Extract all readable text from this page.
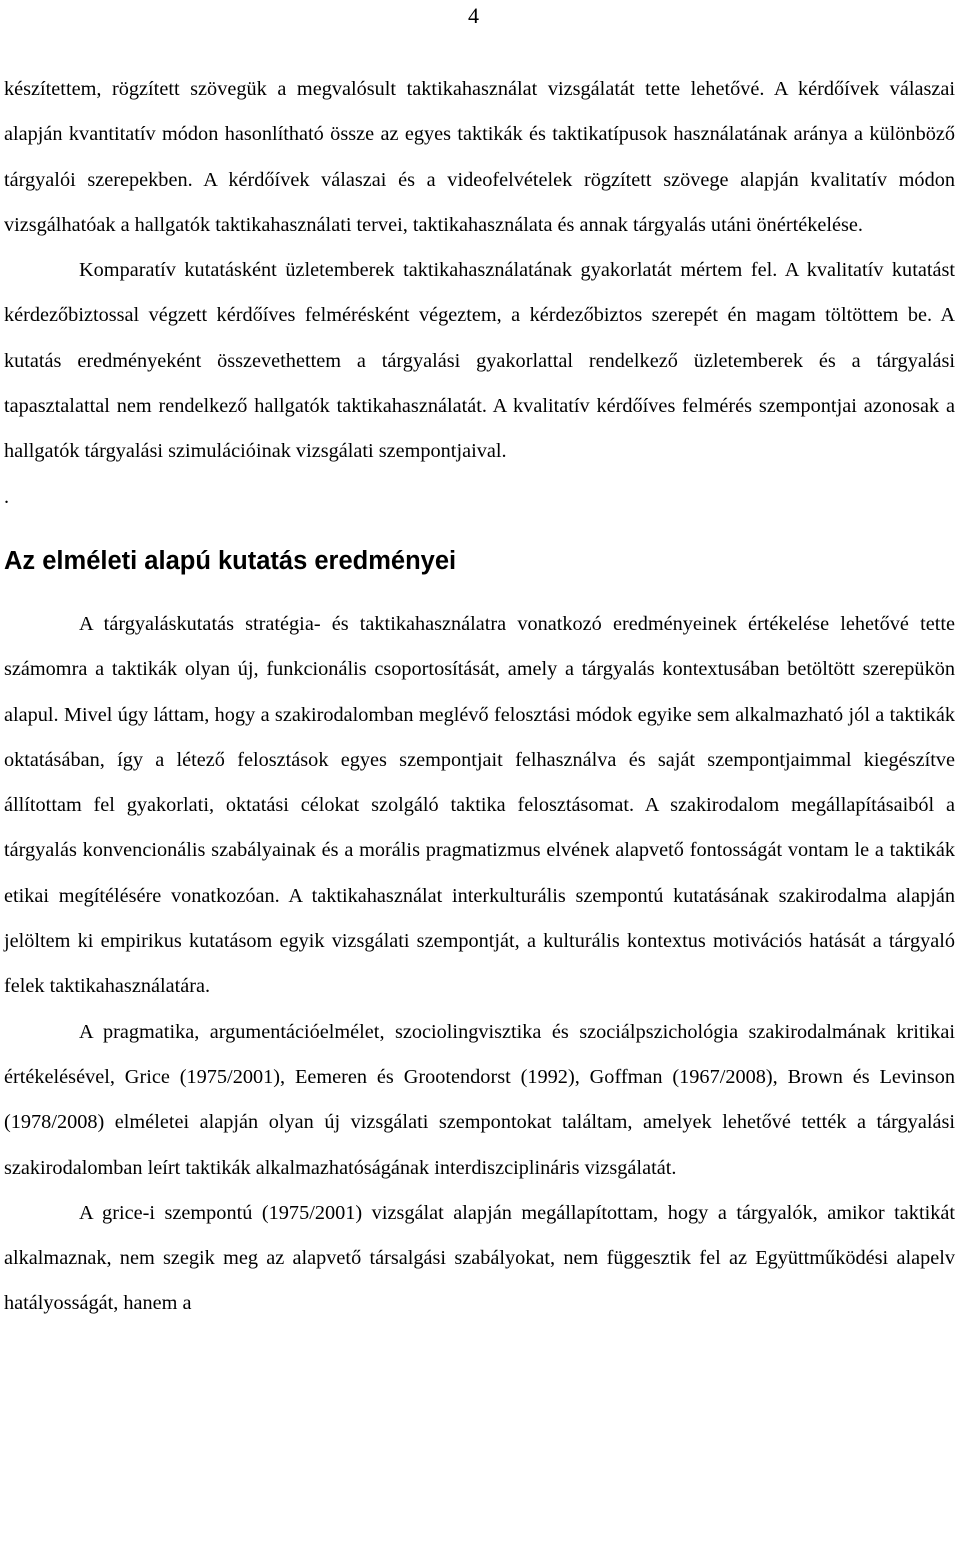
4

készítettem, rögzített szövegük a megvalósult taktikahasználat vizsgálatát tette lehetővé. A kérdőívek válaszai alapján kvantitatív módon hasonlítható össze az egyes taktikák és taktikatípusok használatának aránya a különböző tárgyalói szerepekben. A kérdőívek válaszai és a videofelvételek rögzített szövege alapján kvalitatív módon vizsgálhatóak a hallgatók taktikahasználati tervei, taktikahasználata és annak tárgyalás utáni önértékelése.

Komparatív kutatásként üzletemberek taktikahasználatának gyakorlatát mértem fel. A kvalitatív kutatást kérdezőbiztossal végzett kérdőíves felmérésként végeztem, a kérdezőbiztos szerepét én magam töltöttem be. A kutatás eredményeként összevethettem a tárgyalási gyakorlattal rendelkező üzletemberek és a tárgyalási tapasztalattal nem rendelkező hallgatók taktikahasználatát. A kvalitatív kérdőíves felmérés szempontjai azonosak a hallgatók tárgyalási szimulációinak vizsgálati szempontjaival.

.

Az elméleti alapú kutatás eredményei

A tárgyaláskutatás stratégia- és taktikahasználatra vonatkozó eredményeinek értékelése lehetővé tette számomra a taktikák olyan új, funkcionális csoportosítását, amely a tárgyalás kontextusában betöltött szerepükön alapul. Mivel úgy láttam, hogy a szakirodalomban meglévő felosztási módok egyike sem alkalmazható jól a taktikák oktatásában, így a létező felosztások egyes szempontjait felhasználva és saját szempontjaimmal kiegészítve állítottam fel gyakorlati, oktatási célokat szolgáló taktika felosztásomat. A szakirodalom megállapításaiból a tárgyalás konvencionális szabályainak és a morális pragmatizmus elvének alapvető fontosságát vontam le a taktikák etikai megítélésére vonatkozóan. A taktikahasználat interkulturális szempontú kutatásának szakirodalma alapján jelöltem ki empirikus kutatásom egyik vizsgálati szempontját, a kulturális kontextus motivációs hatását a tárgyaló felek taktikahasználatára.

A pragmatika, argumentációelmélet, szociolingvisztika és szociálpszichológia szakirodalmának kritikai értékelésével, Grice (1975/2001), Eemeren és Grootendorst (1992), Goffman (1967/2008), Brown és Levinson (1978/2008) elméletei alapján olyan új vizsgálati szempontokat találtam, amelyek lehetővé tették a tárgyalási szakirodalomban leírt taktikák alkalmazhatóságának interdiszciplináris vizsgálatát.

A grice-i szempontú (1975/2001) vizsgálat alapján megállapítottam, hogy a tárgyalók, amikor taktikát alkalmaznak, nem szegik meg az alapvető társalgási szabályokat, nem függesztik fel az Együttműködési alapelv hatályosságát, hanem a
